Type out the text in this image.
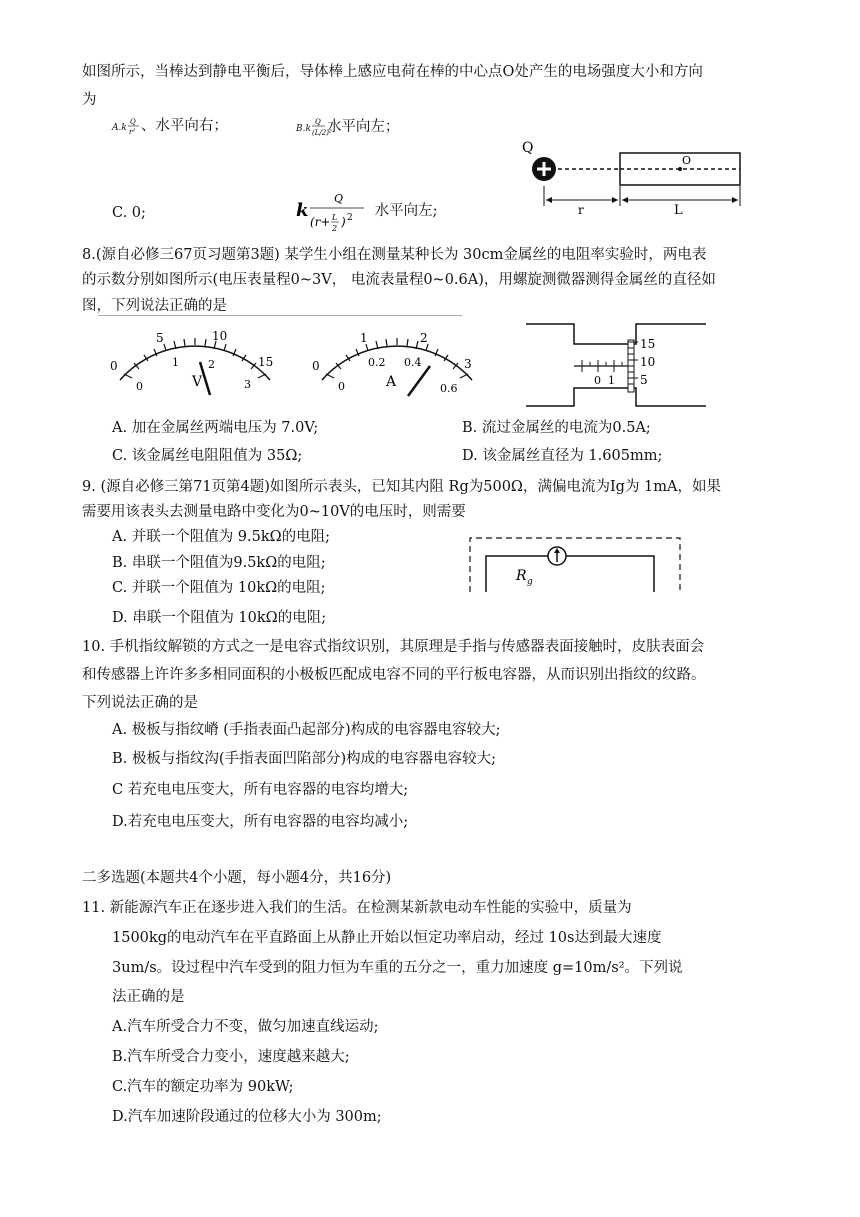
如图所示，当棒达到静电平衡后，导体棒上感应电荷在棒的中心点O处产生的电场强度大小和方向
为
A.k
Q
r² 、水平向右；	B.k
Q
(L/2)²
水平向左；
C. 0;	k
Q
(r+ L
2 ) 2 水平向左;
Q
O
r	L
8.(源自必修三67页习题第3题) 某学生小组在测量某种长为 30cm金属丝的电阻率实验时，两电表
的示数分别如图所示(电压表量程0~3V， 电流表量程0~0.6A)，用螺旋测微器测得金属丝的直径如
图，下列说法正确的是
0
5	10
15
0
1	2
3
V
0
1	2
3
0
0.2 0.4
0.6
A
15
10
5
0 1
A. 加在金属丝两端电压为 7.0V;	B. 流过金属丝的电流为0.5A;
C. 该金属丝电阻阻值为 35Ω;	D. 该金属丝直径为 1.605mm;
9. (源自必修三第71页第4题)如图所示表头，已知其内阻 Rg为500Ω，满偏电流为Ig为 1mA，如果
需要用该表头去测量电路中变化为0~10V的电压时，则需要
A. 并联一个阻值为 9.5kΩ的电阻;
B. 串联一个阻值为9.5kΩ的电阻;
C. 并联一个阻值为 10kΩ的电阻;
D. 串联一个阻值为 10kΩ的电阻;
R g
10. 手机指纹解锁的方式之一是电容式指纹识别，其原理是手指与传感器表面接触时，皮肤表面会
和传感器上许许多多相同面积的小极板匹配成电容不同的平行板电容器，从而识别出指纹的纹路。
下列说法正确的是
A. 极板与指纹嵴 (手指表面凸起部分)构成的电容器电容较大;
B. 极板与指纹沟(手指表面凹陷部分)构成的电容器电容较大;
C 若充电电压变大，所有电容器的电容均增大;
D.若充电电压变大，所有电容器的电容均减小;
二多选题(本题共4个小题，每小题4分，共16分)
11. 新能源汽车正在逐步进入我们的生活。在检测某新款电动车性能的实验中，质量为
1500kg的电动汽车在平直路面上从静止开始以恒定功率启动，经过 10s达到最大速度
3um/s。设过程中汽车受到的阻力恒为车重的五分之一，重力加速度 g=10m/s²。下列说
法正确的是
A.汽车所受合力不变，做匀加速直线运动;
B.汽车所受合力变小，速度越来越大;
C.汽车的额定功率为 90kW;
D.汽车加速阶段通过的位移大小为 300m;
